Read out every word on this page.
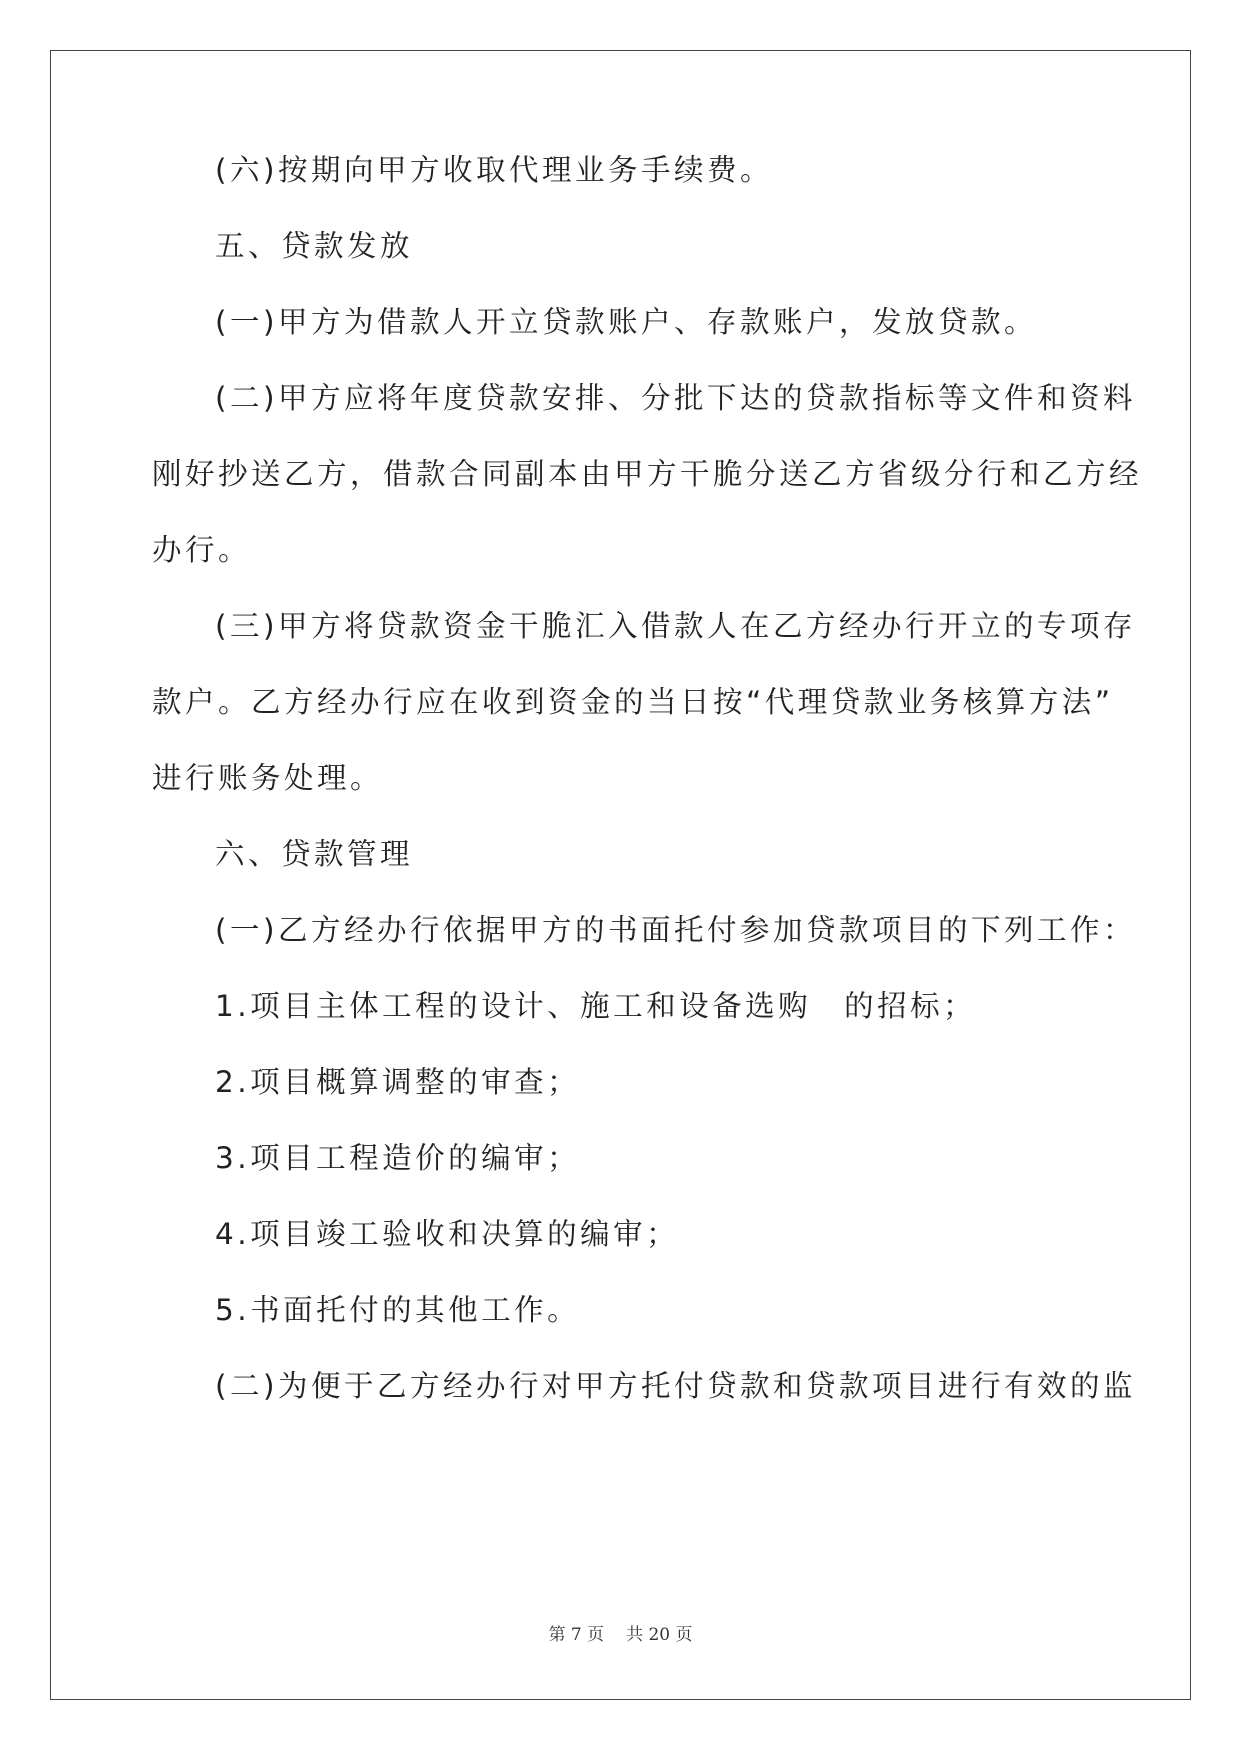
(六)按期向甲方收取代理业务手续费。
五、贷款发放
(一)甲方为借款人开立贷款账户、存款账户，发放贷款。
(二)甲方应将年度贷款安排、分批下达的贷款指标等文件和资料
刚好抄送乙方，借款合同副本由甲方干脆分送乙方省级分行和乙方经
办行。
(三)甲方将贷款资金干脆汇入借款人在乙方经办行开立的专项存
款户。乙方经办行应在收到资金的当日按“代理贷款业务核算方法”
进行账务处理。
六、贷款管理
(一)乙方经办行依据甲方的书面托付参加贷款项目的下列工作：
1.项目主体工程的设计、施工和设备选购　的招标；
2.项目概算调整的审查；
3.项目工程造价的编审；
4.项目竣工验收和决算的编审；
5.书面托付的其他工作。
(二)为便于乙方经办行对甲方托付贷款和贷款项目进行有效的监
第 7 页 共 20 页
